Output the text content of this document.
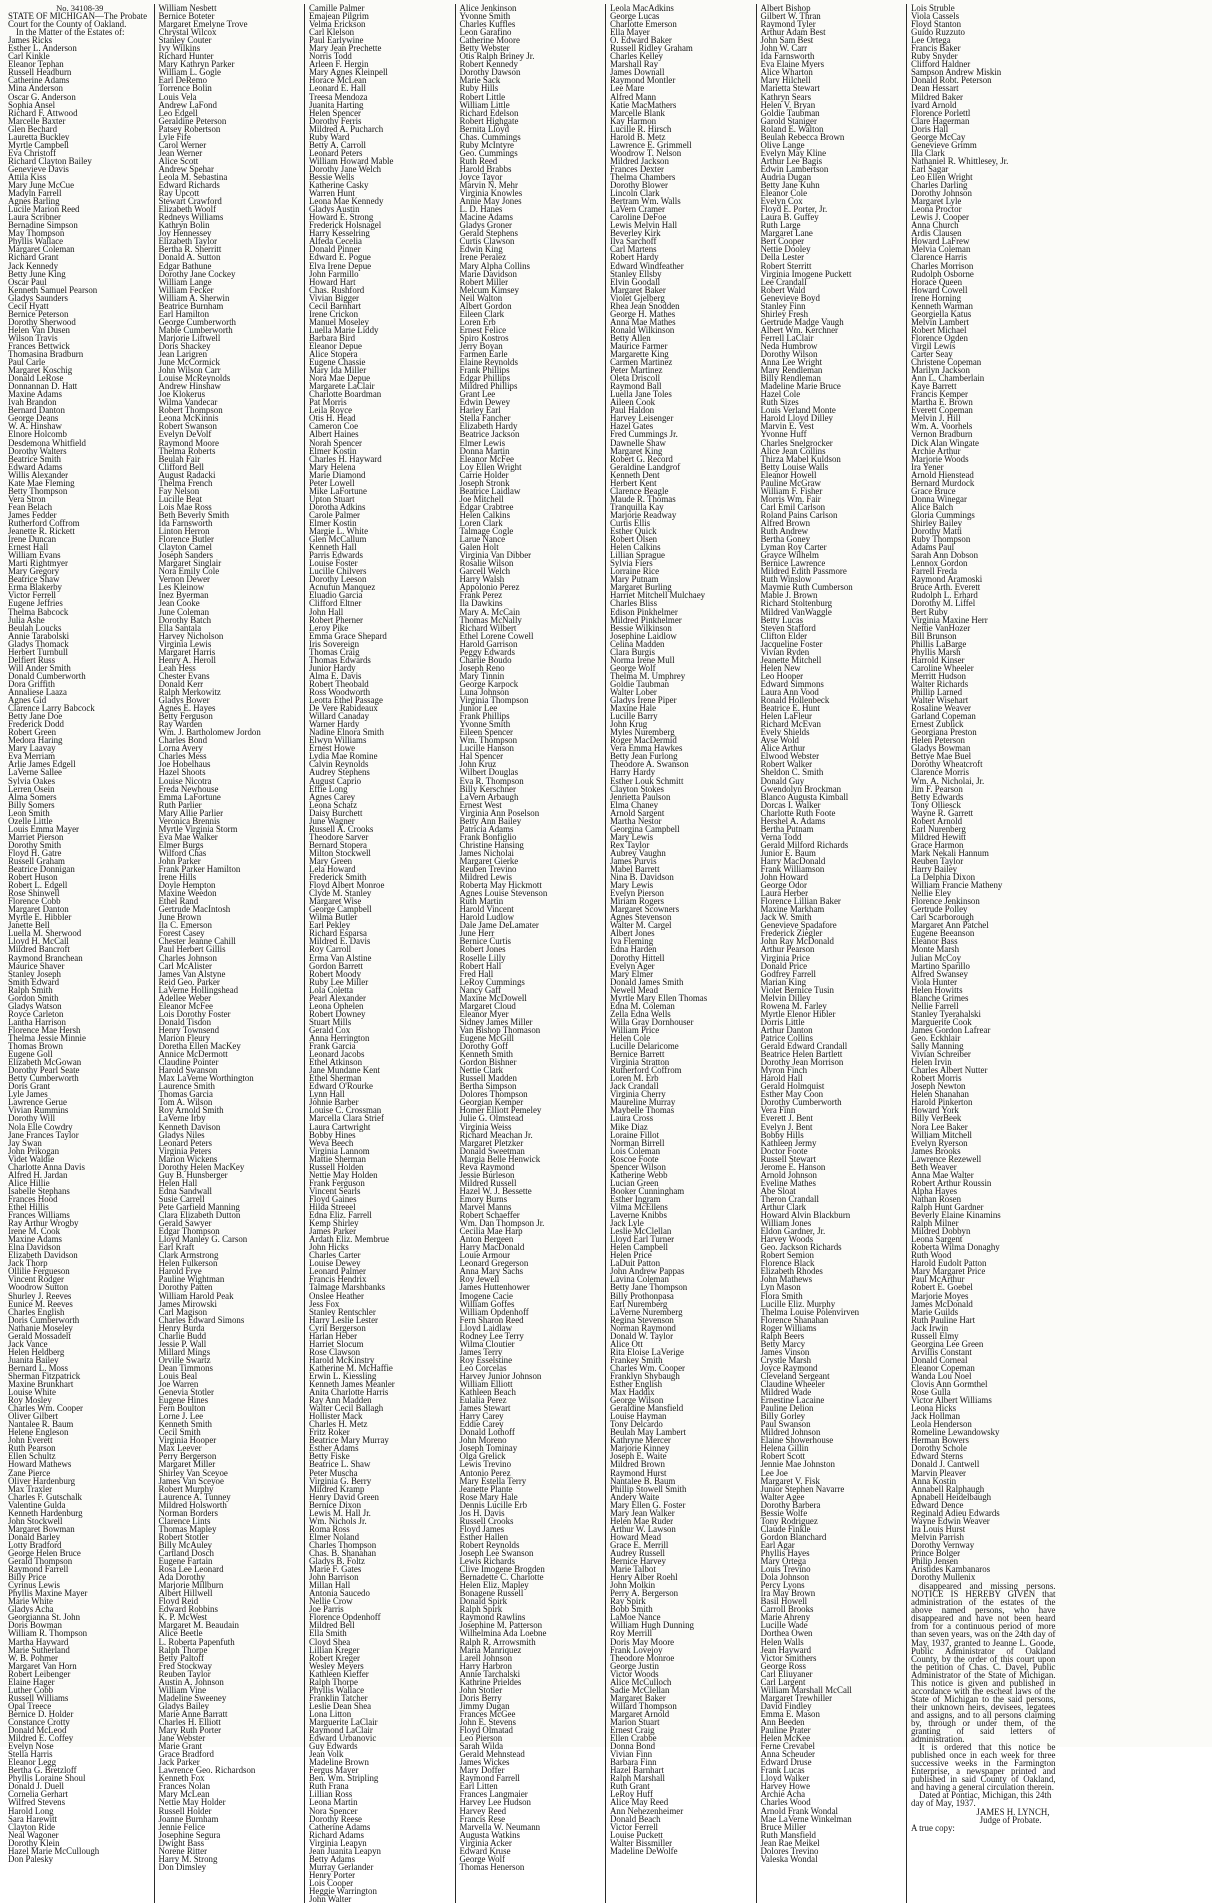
No. 34108-39
STATE OF MICHIGAN—The Probate Court for the County of Oakland.
In the Matter of the Estates of:
James Ricks
Esther L. Anderson
Carl Kinkle
Eleanor Tephan
Russell Headburn
Catherine Adams
Mina Anderson
Oscar G. Anderson
Sophia Ansel
Richard F. Attwood
Marcelle Baxter
Glen Bechard
Lauretta Buckley
Myrtle Campbell
Eva Christoff
Richard Clayton Bailey
Genevieve Davis
Attila Kiss
Mary June McCue
Madyln Farrell
Agnes Barling
Lucile Marion Reed
Laura Scribner
Bernadine Simpson
May Thompson
Phyllis Wallace
Margaret Coleman
Richard Grant
Jack Kennedy
Betty June King
Oscar Paul
Kenneth Samuel Pearson
Gladys Saunders
Cecil Hyatt
Bernice Peterson
Dorothy Sherwood
Helen Van Dusen
Wilson Travis
Frances Bettwick
Thomasina Bradburn
Paul Carle
Margaret Koschig
Donald LeRose
Donnannan D. Hatt
Maxine Adams
Ivah Brandon
Bernard Danton
George Deans
W. A. Hinshaw
Elnore Holcomb
Desdemona Whitfield
Dorothy Walters
Beatrice Smith
Edward Adams
Willis Alexander
Kate Mae Fleming
Betty Thompson
Vera Stron
Fean Belach
James Fedder
Rutherford Coffrom
Jeanette R. Rickett
Irene Duncan
Ernest Hall
William Evans
Marti Rightmyer
Mary Gregory
Beatrice Shaw
Erma Blakerby
Victor Ferrell
Eugene Jeffries
Thelma Babcock
Julia Ashe
Beulah Loucks
Annie Tarabolski
Gladys Thomack
Herbert Turnbull
Delfiert Russ
Will Ander Smith
Donald Cumberworth
Dora Griffith
Annaliese Laaza
Agnes Gid
Clarence Larry Babcock
Betty Jane Doe
Frederick Dodd
Robert Green
Medora Haring
Mary Laavay
Eva Merriam
Arlie James Edgell
LaVerne Sallee
Sylvia Oakes
Lerren Osein
Alma Somers
Billy Somers
Leon Smith
Ozelle Little
Louis Emma Mayer
Marriet Pierson
Dorothy Smith
Floyd H. Gatre
Russell Graham
Beatrice Donnigan
Robert Huson
Robert L. Edgell
Rose Shinwell
Florence Cobb
Margaret Danton
Myrtle E. Hibbler
Janette Bell
Luella M. Sherwood
Lloyd H. McCall
Mildred Bancroft
Raymond Branchean
Maurice Shaver
Stanley Joseph
Smith Edward
Ralph Smith
Gordon Smith
Gladys Watson
Royce Carleton
Lantha Harrison
Florence Mae Hersh
Thelma Jessie Minnie
Thomas Brown
Eugene Goll
Elizabeth McGowan
Dorothy Pearl Seate
Betty Cumberworth
Doris Grant
Lyle James
Lawrence Gerue
Vivian Rummins
Dorothy Will
Nola Elle Cowdry
Jane Frances Taylor
Jay Swan
John Prikogan
Videt Waldie
Charlotte Anna Davis
Alfred H. Jardan
Alice Hillie
Isabelle Stephans
Frances Hood
Ethel Hillis
Frances Williams
Ray Arthur Wrogby
Irene M. Cook
Maxine Adams
Elna Davidson
Elizabeth Davidson
Jack Thorp
Ollilie Fergueson
Vincent Rodger
Woodrow Sutton
Shurley J. Reeves
Eunice M. Reeves
Charles English
Doris Cumberworth
Nathanie Moseley
Gerald Mossadelt
Jack Vance
Helen Heldberg
Juanita Bailey
Bernard L. Moss
Sherman Fitzpatrick
Maxine Brunkhart
Louise White
Roy Mosley
Charles Wm. Cooper
Oliver Gilbert
Nantalee R. Baum
Helene Engleson
John Everett
Ruth Pearson
Ellen Schultz
Howard Mathews
Zane Pierce
Oliver Hardenburg
Max Traxler
Charles F. Gutschalk
Valentine Gulda
Kenneth Hardenburg
John Stockwell
Margaret Bowman
Donald Barley
Lotty Bradford
George Helen Bruce
Gerald Thompson
Raymond Farrell
Billy Price
Cyrinus Lewis
Phyllis Maxine Mayer
Marie White
Gladys Acha
Georgianna St. John
Doris Bowman
William R. Thompson
Martha Hayward
Marie Sutherland
W. B. Pohmer
Margaret Van Horn
Robert Leibenger
Elaine Hager
Luther Cobb
Russell Williams
Opal Treece
Bernice D. Holder
Constance Crotty
Donald McLeod
Mildred E. Coffey
Evelyn Nose
Stella Harris
Eleanor Legg
Bertha G. Bretzloff
Phyllis Loraine Shoul
Donald J. Duell
Cornelia Gerhart
Wilfred Stevens
Harold Long
Sara Harewitt
Clayton Ride
Neal Wagoner
Dorothy Klein
Hazel Marie McCullough
Don Palesky
William Nesbett
Bernice Boteter
Margaret Emelyne Trove
Chrystal Wilcox
Stanley Couter
Ivy Wilkins
Richard Hunter
Mary Kathryn Parker
William L. Gogle
Earl DeRemo
Torrence Bolin
Louis Vela
Andrew LaFond
Leo Edgell
Geraldine Peterson
Patsey Robertson
Lyle Fife
Carol Werner
Jean Werner
Alice Scott
Andrew Spehar
Leola M. Sebastina
Edward Richards
Ray Upcott
Stewart Crawford
Elizabeth Woolf
Redneys Williams
Kathryn Bolin
Joy Hennessey
Elizabeth Taylor
Bertha R. Sherritt
Donald A. Sutton
Edgar Bathune
Dorothy Jane Cockey
William Lange
William Fecker
William A. Sherwin
Beatrice Burnham
Earl Hamilton
George Cumberworth
Mable Cumberworth
Marjorie Liftwell
Doris Shackey
Jean Larigren
June McCormick
John Wilson Carr
Louise McReynolds
Andrew Hinshaw
Joe Klokerus
Wilma Vandecar
Robert Thompson
Leona McKinnis
Robert Swanson
Evelyn DeVolf
Raymond Moore
Thelma Roberts
Beulah Fair
Clifford Bell
August Radacki
Thelma French
Fay Nelson
Lucille Beat
Lois Mae Ross
Beth Beverly Smith
Ida Farnsworth
Linton Herron
Florence Butler
Clayton Camel
Joseph Sanders
Margaret Singlair
Nora Emily Cole
Vernon Dewer
Les Kleinow
Inez Byerman
Jean Cooke
June Coleman
Dorothy Batch
Ella Santala
Harvey Nicholson
Virginia Lewis
Margaret Harris
Henry A. Heroll
Leah Hess
Chester Evans
Donald Kerr
Ralph Merkowitz
Gladys Bower
Agnes E. Hayes
Betty Ferguson
Ray Warden
Wm. J. Bartholomew Jordon
Charles Bond
Lorna Avery
Charles Mess
Joe Hobelhaus
Hazel Shoots
Louise Nicotra
Freda Newhouse
Emma LaFortune
Ruth Parlier
Mary Allie Parlier
Veronica Brennis
Myrtle Virginia Storm
Eva Mae Walker
Elmer Burgs
Wilford Chas
John Parker
Frank Parker Hamilton
Irene Hills
Doyle Hempton
Maxine Weedon
Ethel Rand
Gertrude MacIntosh
June Brown
Ila C. Emerson
Forest Casey
Chester Jeanne Cahill
Paul Herbert Gillis
Charles Johnson
Carl McAlister
James Van Alstyne
Reid Geo. Parker
LaVerne Hollingshead
Adellee Weber
Eleanor McFee
Lois Dorothy Foster
Donald Tisdon
Henry Townsend
Marion Fleury
Doretha Ellen MacKey
Annice McDermott
Claudine Pointer
Harold Swanson
Max LaVerne Worthington
Laurence Smith
Thomas Garcia
Tom A. Wilson
Roy Arnold Smith
LaVerne Irby
Kenneth Davison
Gladys Niles
Leonard Peters
Virginia Peters
Marion Wickens
Dorothy Helen MacKey
Guy B. Hunsberger
Helen Hall
Edna Sandwall
Susie Carrell
Pete Garfield Manning
Clara Elizabeth Dutton
Gerald Sawyer
Edgar Thompson
Lloyd Manley G. Carson
Earl Kraft
Clark Armstrong
Helen Fulkerson
Harold Frye
Pauline Wightman
Dorothy Patten
William Harold Peak
James Mirowski
Carl Magison
Charles Edward Simons
Henry Burda
Charlie Budd
Jessie P. Wall
Millard Mings
Orville Swartz
Dean Timmons
Louis Beal
Joe Warren
Genevia Stotler
Eugene Hines
Fern Boulton
Lorne J. Lee
Kenneth Smith
Cecil Smith
Virginia Hooper
Max Leever
Perry Bergerson
Margaret Miller
Shirley Van Sceyoe
James Van Sceyoe
Robert Murphy
Laurence A. Tunney
Mildred Holsworth
Norman Borders
Clarence Lints
Thomas Mapley
Robert Stotler
Billy McAuley
Cartland Dosch
Eugene Fartain
Rosa Lee Leonard
Ada Dorothy
Marjorie Millburn
Albert Hillwell
Floyd Reid
Edward Robbins
K. P. McWest
Margaret M. Beaudain
Alice Beetle
L. Roberta Papenfuth
Ralph Thorpe
Betty Paltoff
Fred Stockway
Reuben Taylor
Austin A. Johnson
William Vine
Madeline Sweeney
Gladys Bailey
Marie Anne Barratt
Charles H. Elliott
Mary Ruth Porter
Jane Webster
Marie Grant
Grace Bradford
Jack Parker
Lawrence Geo. Richardson
Kenneth Fox
Frances Nolan
Mary McLean
Nettie May Holder
Russell Holder
Joanne Burnham
Jennie Felice
Josephine Segura
Dwight Bass
Norene Ritter
Harry M. Strong
Don Dimsley
Camille Palmer
Emajean Pilgrim
Velma Erickson
Carl Klelson
Paul Earlywine
Mary Jean Prechette
Norris Todd
Arleen F. Hergin
Mary Agnes Kleinpell
Horace McLean
Leonard E. Hall
Treesa Mendoza
Juanita Harting
Helen Spencer
Dorothy Ferris
Mildred A. Pucharch
Ruby Ward
Betty A. Carroll
Leonard Peters
William Howard Mable
Dorothy Jane Welch
Bessie Wells
Katherine Casky
Warren Hunt
Leona Mae Kennedy
Gladys Austin
Howard E. Strong
Frederick Holsnagel
Harry Kesselring
Alfeda Cecelia
Donald Pinner
Edward E. Pogue
Elva Irene Depue
John Farmillo
Howard Hart
Chas. Rushford
Vivian Bigger
Cecil Barnhart
Irene Crickon
Manuel Moseley
Luella Marie Liddy
Barbara Bird
Eleanor Depue
Alice Stopera
Eugene Chassie
Mary Ida Miller
Nora Mae Depue
Margarete LaClair
Charlotte Boardman
Pat Morris
Leila Royce
Otis H. Head
Cameron Coe
Albert Haines
Norah Spencer
Elmer Kostin
Charles H. Hayward
Mary Helena
Marie Diamond
Peter Lowell
Mike LaFortune
Upton Stuart
Dorotha Adkins
Carole Palmer
Elmer Kostin
Margie L. White
Glen McCallum
Kenneth Hall
Parris Edwards
Louise Foster
Lucille Chilvers
Dorothy Leeson
Acnufun Manquez
Eluadio Garcia
Clifford Eltner
John Hall
Robert Pherner
Leroy Pike
Emma Grace Shepard
Iris Sovereign
Thomas Craig
Thomas Edwards
Junior Hardy
Alma E. Davis
Robert Theobald
Ross Woodworth
Leotta Ethel Passage
De Vere Rabideaux
Willard Canaday
Warner Hardy
Nadine Elnora Smith
Elwyn Williams
Ernest Howe
Lydia Mae Romine
Calvin Reynolds
Audrey Stephens
August Caprio
Effie Long
Agnes Carey
Leona Schatz
Daisy Burchett
June Wagner
Russell A. Crooks
Theodore Sarver
Bernard Stopera
Milton Stockwell
Mary Green
Lela Howard
Frederick Smith
Floyd Albert Monroe
Clyde M. Stanley
Margaret Wise
George Campbell
Wilma Butler
Earl Pekley
Richard Esparsa
Mildred E. Davis
Roy Carroll
Erma Van Alstine
Gordon Barrett
Robert Moody
Ruby Lee Miller
Lola Coletta
Pearl Alexander
Leona Ophelen
Robert Downey
Stuart Mills
Gerald Cox
Anna Herrington
Frank Garcia
Leonard Jacobs
Ethel Atkinson
Jane Mundane Kent
Ethel Sherman
Edward O'Rourke
Lynn Hall
Johnie Barber
Louise C. Crossman
Marcella Clara Strief
Laura Cartwright
Bobby Hines
Weva Beech
Virginia Lannom
Mattie Sherman
Russell Holden
Nettie May Holden
Frank Ferguson
Vincent Searls
Floyd Gaines
Hilda Streeel
Edna Eliz. Farrell
Kemp Shirley
James Parker
Ardath Eliz. Membrue
John Hicks
Charles Carter
Louise Dewey
Leonard Palmer
Francis Hendrix
Talmage Marshbanks
Onslee Heather
Jess Fox
Stanley Rentschler
Harry Leslie Lester
Cyril Bergerson
Harlan Heber
Harriet Slocum
Rose Clawson
Harold McKinstry
Katherine M. McHaffie
Erwin L. Kiessling
Kenneth James Meanler
Anita Charlotte Harris
Ray Ann Madden
Walter Cecil Ballagh
Hollister Mack
Charles H. Metz
Fritz Roker
Beatrice Mary Murray
Esther Adams
Betty Fiske
Beatrice L. Shaw
Peter Muscha
Virginia G. Berry
Mildred Kramp
Henry David Green
Bernice Dixon
Lewis M. Hall Jr.
Wm. Nichols Jr.
Roma Ross
Elmer Noland
Charles Thompson
Chas. B. Shanahan
Gladys B. Foltz
Marie F. Gates
John Barrison
Millan Hall
Antonia Saucedo
Nellie Crow
Joe Parris
Florence Opdenhoff
Mildred Bell
Ella Smith
Cloyd Shea
Lillian Kreger
Robert Kreger
Wesley Meyers
Kathleen Kieffer
Ralph Thorpe
Phyllis Wallace
Franklin Tatcher
Leslie Dean Shea
Lona Litton
Marguerite LaClair
Raymond LaClair
Edward Urbanovic
Guy Edwards
Jean Volk
Madeline Brown
Fergus Mayer
Ben. Wm. Stripling
Ruth Frana
Lillian Ross
Leona Martin
Nora Spencer
Dorothy Reese
Catherine Adams
Richard Adams
Virginia Leapyn
Jean Juanita Leapyn
Betty Adams
Murray Gerlander
Henry Porter
Lois Cooper
Heggie Warrington
John Walter
Alice Jenkinson
Yvonne Smith
Charles Kuffles
Leon Garafino
Catherine Moore
Betty Webster
Otis Ralph Briney Jr.
Robert Kennedy
Dorothy Dawson
Marie Sack
Ruby Hills
Robert Little
William Little
Richard Edelson
Robert Highgate
Bernita Lloyd
Chas. Cummings
Ruby McIntyre
Geo. Cummings
Ruth Reed
Harold Brabbs
Joyce Tayor
Marvin N. Mehr
Virginia Knowles
Annie May Jones
L. D. Hanes
Macine Adams
Gladys Groner
Gerald Stephens
Curtis Clawson
Edwin King
Irene Peralez
Mary Alpha Collins
Marie Davidson
Robert Miller
Melcum Kimsey
Neil Walton
Albert Gordon
Eileen Clark
Loren Erb
Ernest Felice
Spiro Kostros
Jerry Boyan
Farmen Earle
Elaine Reynolds
Frank Phillips
Edgar Phillips
Mildred Phillips
Grant Lee
Edwin Dewey
Harley Earl
Stella Fancher
Elizabeth Hardy
Beatrice Jackson
Elmer Lewis
Donna Martin
Eleanor McFee
Loy Ellen Wright
Carrie Holder
Joseph Stronk
Beatrice Laidlaw
Joe Mitchell
Edgar Crabtree
Helen Calkins
Loren Clark
Talmage Cogle
Larue Nance
Galen Holt
Virginia Van Dibber
Rosalie Wilson
Garcell Welch
Harry Walsh
Appolonio Perez
Frank Perez
Ila Dawkins
Mary A. McCain
Thomas McNally
Richard Wilbert
Ethel Lorene Cowell
Harold Garrison
Peggy Edwards
Charlie Boudo
Joseph Reno
Mary Tinnin
George Karpock
Luna Johnson
Virginia Thompson
Junior Lee
Frank Phillips
Yvonne Smith
Eileen Spencer
Wm. Thompson
Lucille Hanson
Hal Spencer
John Kruz
Wilbert Douglas
Eva R. Thompson
Billy Kerschner
LaVern Arbaugh
Ernest West
Virginia Ann Poselson
Betty Ann Bailey
Patricia Adams
Frank Bonfiglio
Christine Hansing
James Nicholai
Margaret Gierke
Reuben Trevino
Mildred Lewis
Roberta May Hickmott
Agnes Louise Stevenson
Ruth Martin
Harold Vincent
Harold Ludlow
Dale Jame DeLamater
June Herr
Bernice Curtis
Robert Jones
Roselle Lilly
Robert Hall
Fred Hall
LeRoy Cummings
Nancy Gaff
Maxine McDowell
Margaret Cloud
Eleanor Myer
Sidney James Miller
Van Bishop Thomason
Eugene McGill
Dorothy Goff
Kenneth Smith
Gordon Bishner
Nettie Clark
Russell Madden
Bertha Simpson
Dolores Thompson
Georgian Kemper
Homer Elliott Pemeley
Julie G. Olmstead
Virginia Weiss
Richard Meachan Jr.
Margaret Pletzker
Donald Sweetman
Margia Belle Henwick
Reva Raymond
Jessie Burleson
Mildred Russell
Hazel W. J. Bessette
Emory Burns
Marvel Manns
Robert Schaeffer
Wm. Dan Thompson Jr.
Cecilia Mae Harp
Anton Bergeen
Harry MacDonald
Louie Armour
Leonard Gregerson
Anna Mary Sachs
Roy Jewell
James Huttenhower
Imogene Cacie
William Goffes
William Opdenhoff
Fern Sharon Reed
Lloyd Laidlaw
Rodney Lee Terry
Wilma Cloutier
James Terry
Roy Esselstine
Leo Corcelas
Harvey Junior Johnson
William Elliott
Kathleen Beach
Eulalia Perez
James Stewart
Harry Carey
Eddie Carey
Donald Lothoff
John Moreno
Joseph Tominay
Olga Grelick
Lewis Trevino
Antonio Perez
Mary Estella Terry
Jeanette Plante
Rose Mary Hale
Dennis Lucille Erb
Jos H. Davis
Russell Crooks
Floyd James
Esther Hallen
Robert Reynolds
Joseph Lee Swanson
Lewis Richards
Clive Imogene Brogden
Bernadette C. Charlotte
Helen Eliz. Mapley
Bonagene Russell
Donald Spirk
Ralph Spirk
Raymond Rawlins
Josephine M. Patterson
Wilhelmina Ada Loebne
Ralph R. Arrowsmith
Maria Manriquez
Larell Johnson
Harry Harbron
Annie Tarchalski
Kathrine Prieldes
John Stotler
Doris Berry
Jimmy Dugan
Frances McGee
John E. Stevens
Floyd Olmatad
Leo Pierson
Sarah Wilda
Gerald Mehnstead
James Wickes
Mary Doffer
Raymond Farrell
Earl Litten
Frances Langmaier
Harvey Lee Hudson
Harvey Reed
Francis Rese
Marvella W. Neumann
Augusta Watkins
Virginia Acker
Edward Kruse
George Wolf
Thomas Henerson
Leola MacAdkins
George Lucas
Charlotte Emerson
Ella Mayer
O. Edward Baker
Russell Ridley Graham
Charles Kelley
Marshall Ray
James Downall
Raymond Montler
Lee Mare
Alfred Mann
Katie MacMathers
Marcelle Blank
Kay Harmon
Lucille R. Hirsch
Harold B. Metz
Lawrence E. Grimmell
Woodrow T. Nelson
Mildred Jackson
Frances Dexter
Thelma Chambers
Dorothy Blower
Lincoln Clark
Bertram Wm. Walls
LaVern Cramer
Caroline DeFoe
Lewis Melvin Hall
Beverley Kirk
Ilva Sarchoff
Carl Martens
Robert Hardy
Edward Windfeather
Stanley Ellsby
Elvin Goodall
Margaret Baker
Violet Gjelberg
Rhea Jean Snodden
George H. Mathes
Anna Mae Mathes
Ronald Wilkinson
Betty Allen
Maurice Farmer
Margarette King
Carmen Martinez
Peter Martinez
Oleta Driscoll
Raymond Ball
Luella Jane Toles
Aileen Cook
Paul Haldon
Harvey Leisenger
Hazel Gates
Fred Cummings Jr.
Dawnelle Shaw
Margaret King
Robert G. Record
Geraldine Landgrof
Kenneth Dent
Herbert Kent
Clarence Beagle
Maude R. Thomas
Tranquilla Kay
Marjorie Readway
Curtis Ellis
Esther Quick
Robert Olsen
Helen Calkins
Lillian Sprague
Sylvia Fiers
Lorraine Rice
Mary Putnam
Margaret Burling
Harriet Mitchell Mulchaey
Charles Bliss
Edison Pinkhelmer
Mildred Pinkhelmer
Bessie Wilkinson
Josephine Laidlow
Celina Madden
Clara Burgis
Norma Irene Mull
George Wolf
Thelma M. Umphrey
Goldie Taubman
Walter Lober
Gladys Irene Piper
Maxine Hale
Lucille Barry
John Krug
Myles Nuremberg
Roger MacDermid
Vera Emma Hawkes
Betty Jean Furlong
Theodore A. Swanson
Harry Hardy
Esther Louk Schmitt
Clayton Stokes
Jenrietta Paulson
Elma Chaney
Arnold Sargent
Martha Nestor
Georgina Campbell
Mary Lewis
Rex Taylor
Aubrey Vaughn
James Purvis
Mabel Barrett
Nina B. Davidson
Mary Lewis
Evelyn Pierson
Miriam Rogers
Margaret Scowners
Agnes Stevenson
Walter M. Cargel
Albert Jones
Iva Fleming
Edna Harden
Dorothy Hittell
Evelyn Ager
Mary Elmer
Donald James Smith
Newell Mead
Myrtle Mary Ellen Thomas
Edna M. Coleman
Zella Edna Wells
Willa Gray Dornhouser
William Price
Helen Cole
Lucille Delaricome
Bernice Barrett
Virginia Stratton
Rutherford Coffrom
Loren M. Erb
Jack Crandall
Virginia Cherry
Maureline Murray
Maybelle Thomas
Laura Cross
Mike Diaz
Loraine Fillot
Norman Birrell
Lois Coleman
Roscoe Foote
Spencer Wilson
Katherine Webb
Lucian Green
Booker Cunningham
Esther Ingram
Vilma McEllens
Laverne Knibbs
Jack Lyle
Leslie McClellan
Lloyd Earl Turner
Helen Campbell
Helen Price
LaDuit Patton
John Andrew Pappas
Lavina Coleman
Betty Jane Thompson
Billy Prothonpasa
Earl Nuremberg
LaVerne Nuremberg
Regina Stevenson
Norman Raymond
Donald W. Taylor
Alice Ott
Rita Eloise LaVerige
Frankey Smith
Charles Wm. Cooper
Franklyn Shybaugh
Esther English
Max Haddix
George Wilson
Geraldine Mansfield
Louise Hayman
Tony Delcardo
Beulah May Lambert
Kathryne Mercer
Marjorie Kinney
Joseph E. Waite
Mildred Brown
Raymond Hurst
Nantalee B. Baum
Phillip Stowell Smith
Andery Waite
Mary Ellen G. Foster
Mary Jean Walker
Helen Mae Ruder
Arthur W. Lawson
Howard Mead
Grace E. Merrill
Audrey Russell
Bernice Harvey
Marie Talbot
Henry Alber Roehl
John Molkin
Perry A. Bergerson
Ray Spirk
Bobb Smith
LaMoe Nance
William Hugh Dunning
Roy Merrill
Doris May Moore
Frank Lovejoy
Theodore Monroe
George Justin
Victor Woods
Alice McCulloch
Sadie McClellan
Margaret Baker
Willard Thompson
Margaret Arnold
Marion Stuart
Ernest Craig
Ellen Crabbe
Donna Bond
Vivian Finn
Barbara Finn
Hazel Barnhart
Ralph Marshall
Ruth Grant
LeRoy Huff
Alice May Reed
Ann Nehezenheimer
Donald Beach
Victor Ferrell
Louise Puckett
Walter Bissmiller
Madeline DeWolfe
Albert Bishop
Gilbert W. Thran
Raymond Tyler
Arthur Adam Best
John Sam Best
John W. Carr
Ida Farnsworth
Eva Elaine Myers
Alice Wharton
Mary Hilchell
Marietta Stewart
Kathryn Sears
Helen V. Bryan
Goldie Taubman
Garold Staniger
Roland E. Walton
Beulah Rebecca Brown
Olive Lange
Evelyn May Kline
Arthur Lee Bagis
Edwin Lambertson
Audria Dugan
Betty Jane Kuhn
Eleanor Cole
Evelyn Cox
Floyd E. Porter, Jr.
Laura B. Guffey
Ruth Large
Margaret Lane
Bert Cooper
Nettie Dooley
Della Lester
Robert Sterritt
Virginia Imogene Puckett
Lee Crandall
Robert Wald
Genevieve Boyd
Stanley Finn
Shirley Fresh
Gertrude Madge Vaugh
Albert Wm. Kerchner
Ferrell LaClair
Neda Humbrow
Dorothy Wilson
Anna Lee Wright
Mary Rendleman
Billy Rendleman
Madeline Marie Bruce
Hazel Cole
Ruth Sizes
Louis Verland Monte
Harold Lloyd Dilley
Marvin E. Vest
Yvonne Huff
Charles Snelgrocker
Alice Jean Collins
Thirza Mabel Kuldson
Betty Louise Walls
Eleanor Howell
Pauline McGraw
William F. Fisher
Morris Wm. Fair
Carl Emil Carlson
Roland Pains Carlson
Alfred Brown
Ruth Andrew
Bertha Goney
Lyman Roy Carter
Grayce Wilhelm
Bernice Lawrence
Mildred Edith Passmore
Ruth Winslow
Maymie Ruth Cumberson
Mable J. Brown
Richard Stoltenburg
Mildred VanWaggle
Betty Lucas
Steven Stafford
Clifton Elder
Jacqueline Foster
Vivian Ryden
Jeanette Mitchell
Helen New
Leo Hooper
Edward Simmons
Laura Ann Vood
Ronald Hollenbeck
Beatrice E. Hunt
Helen LaFleur
Richard McEvan
Evely Shields
Ayse Wold
Alice Arthur
Elwood Webster
Robert Walker
Sheldon C. Smith
Donald Guy
Gwendolyn Brockman
Blanco Augusta Kimball
Dorcas I. Walker
Charlotte Ruth Foote
Hershel A. Adams
Bertha Putnam
Verna Todd
Gerald Milford Richards
Junior E. Baum
Harry MacDonald
Frank Williamson
John Howard
George Odor
Laura Herber
Florence Lillian Baker
Maxine Markham
Jack W. Smith
Genevieve Spadafore
Frederick Ziegler
John Ray McDonald
Arthur Pearson
Virginia Price
Donald Price
Godfrey Farrell
Marian King
Violet Bernice Tusin
Melvin Dilley
Rowena M. Farley
Myrtle Elenor Hibler
Dorris Little
Arthur Danton
Patrice Collins
Gerald Edward Crandall
Beatrice Helen Bartlett
Dorothy Jean Morrison
Myron Finch
Harold Hall
Gerald Holmquist
Esther May Coon
Dorothy Cumberworth
Vera Finn
Everett J. Bent
Evelyn J. Bent
Bobby Hills
Kathleen Jermy
Doctor Foote
Russell Stewart
Jerome E. Hanson
Arnold Johnson
Eveline Mathes
Abe Sloat
Theron Crandall
Arthur Clark
Howard Alvin Blackburn
William Jones
Eldon Gardner, Jr.
Harvey Woods
Geo. Jackson Richards
Robert Semion
Florence Black
Elizabeth Rhodes
John Mathews
Lyn Mason
Flora Smith
Lucille Eliz. Murphy
Thelma Louise Polenvirven
Florence Shanahan
Roger Williams
Ralph Beers
Betty Marcy
James Vinson
Crystle Marsh
Joyce Raymond
Cleveland Sergeant
Claudine Wheeler
Mildred Wade
Ernestine Lacaine
Pauline Delion
Billy Gorley
Paul Swanson
Mildred Johnson
Elaine Showerhouse
Helena Gillin
Robert Scott
Jennie Mae Johnston
Lee Joe
Margaret V. Fisk
Junior Stephen Navarre
Walter Agee
Dorothy Barbera
Bessie Wolfe
Tony Rodriguez
Claude Finkle
Gordon Blanchard
Earl Agar
Phyllis Hayes
Mary Ortega
Louis Trevino
Dola Johnson
Percy Lyons
Ira May Brown
Basil Howell
Carroll Brooks
Marie Ahreny
Lucille Wade
Dorthea Owen
Helen Walls
Jean Hayward
Victor Smithers
George Ross
Carl Eliuyaner
Carl Largent
William Marshall McCall
Margaret Trewhiller
David Findley
Emma E. Mason
Ann Beeden
Pauline Prater
Helen McKee
Ferne Crevabel
Anna Scheuder
Edward Druse
Frank Lucas
Lloyd Walker
Harvey Howe
Archie Acha
Charles Wood
Arnold Frank Wondal
Mae LaVerne Winkelman
Bruce Miller
Ruth Mansfield
Jean Rae Meikel
Dolores Trevino
Valeska Wondal
Lois Struble
Viola Cassels
Floyd Stanton
Guido Ruzzuto
Lee Ortega
Francis Baker
Ruby Snyder
Clifford Haldner
Sampson Andrew Miskin
Donald Robt. Peterson
Dean Hessart
Mildred Baker
Ivard Arnold
Florence Porlettl
Clare Hagerman
Doris Hall
George McCay
Genevieve Grimm
Illa Clark
Nathaniel R. Whittlesey, Jr.
Earl Sagar
Leo Ellen Wright
Charles Darling
Dorothy Johnson
Margaret Lyle
Leona Proctor
Lewis J. Cooper
Anna Church
Ardis Clausen
Howard LaFrew
Melvia Coleman
Clarence Harris
Charles Morrison
Rudolph Osborne
Horace Queen
Howard Cowell
Irene Horning
Kenneth Warman
Georgiella Katus
Melvin Lambert
Robert Michael
Florence Ogden
Virgil Lewis
Carter Seay
Christene Copeman
Marilyn Jackson
Ann L. Chamberlain
Kaye Barrett
Francis Kemper
Martha E. Brown
Everett Copeman
Melvin J. Hill
Wm. A. Voorhels
Vernon Bradburn
Dick Alan Wingate
Archie Arthur
Marjorie Woods
Ira Yener
Arnold Hienstead
Bernard Murdock
Grace Bruce
Donna Winegar
Alice Balch
Gloria Cummings
Shirley Bailey
Dorothy Matti
Ruby Thompson
Adams Paul
Sarah Ann Dobson
Lennox Gordon
Farrell Freda
Raymond Aramoski
Bruce Arth. Everett
Rudolph L. Erhard
Dorothy M. Liffel
Bert Ruby
Virginia Maxine Herr
Nettie VanHozer
Bill Brunson
Phillis LaBarge
Phyllis Marsh
Harrold Kinser
Caroline Wheeler
Merritt Hudson
Walter Richards
Phillip Larned
Walter Wisehart
Rosaline Weaver
Garland Copeman
Ernest Zublick
Georgiana Preston
Helen Peterson
Gladys Bowman
Bettye Mae Buel
Dorothy Wheatcroft
Clarence Morris
Wm. A. Nicholai, Jr.
Jim F. Pearson
Betty Edwards
Tony Olliesck
Wayne R. Garrett
Robert Arnold
Earl Nurenberg
Mildred Hewitt
Grace Harmon
Mark Nekali Hannum
Reuben Taylor
Harry Bailey
La Delphia Dixon
William Francie Matheny
Nellie Eley
Florence Jenkinson
Gertrude Polley
Carl Scarborough
Margaret Ann Patchel
Eugene Beeanson
Eleanor Bass
Monte Marsh
Julian McCoy
Martino Sparillo
Alfred Swansey
Viola Hunter
Helen Howitts
Blanche Grimes
Nellie Farrell
Stanley Tyerahalski
Marguerite Cook
James Gordon Lafrear
Geo. Eckhlair
Sally Manning
Vivian Schreiber
Helen Irvin
Charles Albert Nutter
Robert Morris
Joseph Newton
Helen Shanahan
Harold Pinkerton
Howard York
Billy VerBeek
Nora Lee Baker
William Mitchell
Evelyn Ryerson
James Brooks
Lawrence Rezewell
Beth Weaver
Anna Mae Walter
Robert Arthur Roussin
Alpha Hayes
Nathan Rosen
Ralph Hunt Gardner
Beverly Elaine Kinamins
Ralph Milner
Mildred Dobbyn
Leona Sargent
Roberta Wilma Donaghy
Ruth Wood
Harold Eudolt Patton
Mary Margaret Price
Paul McArthur
Robert E. Goebel
Marjorie Moyes
James McDonald
Marie Guilds
Ruth Pauline Hart
Jack Irwin
Russell Elmy
Georgina Lee Green
Arvillis Constant
Donald Corneal
Eleanor Copeman
Wanda Lou Noel
Clovis Ann Gormthel
Rose Gulla
Victor Albert Williams
Leona Hicks
Jack Hollman
Leola Henderson
Romeline Lewandowsky
Herman Bowers
Dorothy Schole
Edward Sterns
Donald J. Cantwell
Marvin Pleaver
Anna Kostin
Annabell Ralphaugh
Apnabell Heidelbaugh
Edward Dence
Reginald Adieu Edwards
Wayne Edwin Weaver
Ira Louis Hurst
Melvin Parrish
Dorothy Vernway
Prince Bolger
Philip Jensen
Aristides Kambanaros
Dorothy Mullenix
disappeared and missing persons. NOTICE IS HEREBY GIVEN that administration of the estates of the above named persons, who have disappeared and have not been heard from for a continuous period of more than seven years, was on the 24th day of May, 1937, granted to Jeanne L. Goode, Public Administrator of Oakland County, by the order of this court upon the petition of Chas. C. Davel, Public Administrator of the State of Michigan. This notice is given and published in accordance with the escheat laws of the State of Michigan to the said persons, their unknown heirs, devisees, legatees and assigns, and to all persons claiming by, through or under them, of the granting of said letters of administration.
It is ordered that this notice be published once in each week for three successive weeks in the Farmington Enterprise, a newspaper printed and published in said County of Oakland, and having a general circulation therein.
Dated at Pontiac, Michigan, this 24th day of May, 1937.
JAMES H. LYNCH,
Judge of Probate.
A true copy:
